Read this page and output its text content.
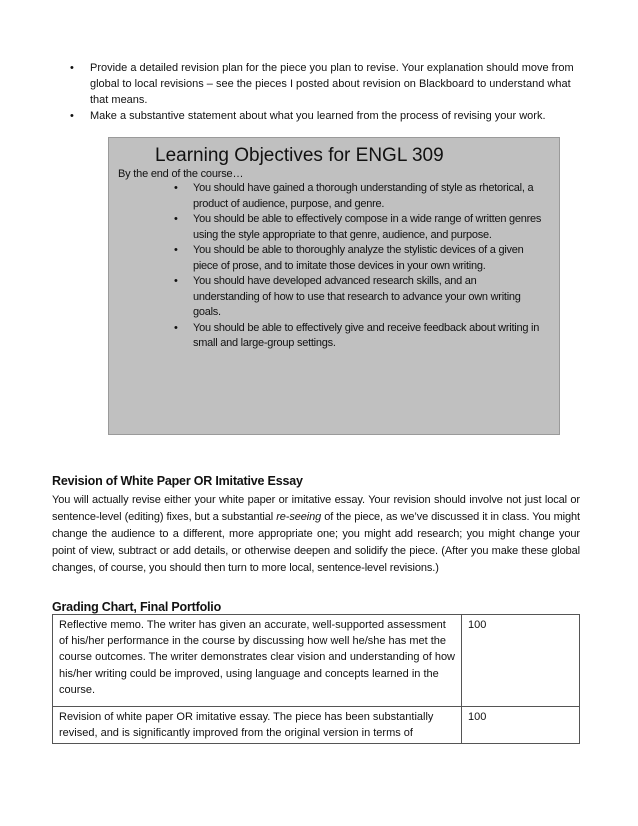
• Provide a detailed revision plan for the piece you plan to revise. Your explanation should move from global to local revisions – see the pieces I posted about revision on Blackboard to understand what that means.
• Make a substantive statement about what you learned from the process of revising your work.
Learning Objectives for ENGL 309
By the end of the course…
• You should have gained a thorough understanding of style as rhetorical, a product of audience, purpose, and genre.
• You should be able to effectively compose in a wide range of written genres using the style appropriate to that genre, audience, and purpose.
• You should be able to thoroughly analyze the stylistic devices of a given piece of prose, and to imitate those devices in your own writing.
• You should have developed advanced research skills, and an understanding of how to use that research to advance your own writing goals.
• You should be able to effectively give and receive feedback about writing in small and large-group settings.
Revision of White Paper OR Imitative Essay
You will actually revise either your white paper or imitative essay. Your revision should involve not just local or sentence-level (editing) fixes, but a substantial re-seeing of the piece, as we’ve discussed it in class. You might change the audience to a different, more appropriate one; you might add research; you might change your point of view, subtract or add details, or otherwise deepen and solidify the piece. (After you make these global changes, of course, you should then turn to more local, sentence-level revisions.)
Grading Chart, Final Portfolio
Reflective memo. The writer has given an accurate, well-supported assessment of his/her performance in the course by discussing how well he/she has met the course outcomes. The writer demonstrates clear vision and understanding of how his/her writing could be improved, using language and concepts learned in the course.	100
Revision of white paper OR imitative essay. The piece has been substantially revised, and is significantly improved from the original version in terms of	100
